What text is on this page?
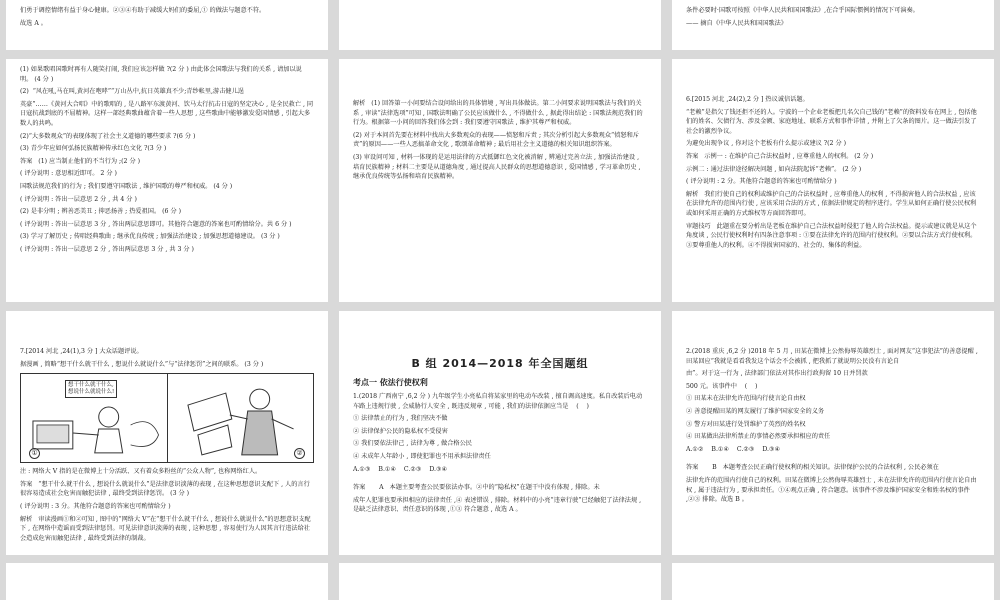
们勇于调控情绪有益于身心健康。②③④有助于减缓大妈们的委屈,① 的做法与题意不符。

故选 A 。

条件必要时·国歌可按照《中华人民共和国国歌法》,在合乎国际惯例的情况下可演奏。

—— 摘自《中华人民共和国国歌法》

(1) 如果歌唱国歌时再有人随笑打闹, 我们应该怎样做 ?(2 分 ) 由此体会国歌法与我们的关系 , 请加以说明。 (4 分 )

(2)  “风在吼,马在叫,黄河在咆哮”“万山丛中,抗日英雄真不少;青纱帐里,游击健儿逞

英豪”……《黄河大合唱》中的歌唱的 , 是八路军东渡黄河、饮马太行抗击日寇的坚定决心 , 是全民救亡 , 同日寇抗战到底的不屈精神。这样一部经典歌曲蕴含着一些人思想 , 这些歌曲中能够激发爱国情感 , 引起大多数人的共鸣。

(2)“大多数观众”的表现体现了社会主义道德的哪些要求 ?(6 分 )

(3) 青少年应如何弘扬民族精神传承红色文化 ?(3 分 )

答案   (1) 应当制止他们的不当行为 ;(2 分 )

( 评分说明 : 意思相近即可。 2 分 )

国歌法规范我们的行为 ; 我们要遵守国歌法 , 维护国歌的尊严和权威。 (4 分 )

( 评分说明 : 答出一层意思 2 分 , 共 4 分 )

(2) 是非分明 ; 辨善恶美丑 ; 抑恶扬善 ; 热爱祖国。 (6 分 )

( 评分说明 : 答出一层意思 3 分 , 答出两层意思即可。其他符合题意的答案也可酌情给分。共 6 分 )

(3) 学习了解历史 ; 传唱经典歌曲 ; 继承优良传统 ; 加强法治建设 ; 加强思想道德建设。 (3 分 )

( 评分说明 : 答出一层意思 2 分 , 答出两层意思 3 分 , 共 3 分 )

解析   (1) 回答第一小问要结合设问给出的具体情境 , 写出具体做法。第二小问要求说明国歌法与我们的关系 , 审读“法律选项”可知 , 国歌法明确了公民应该做什么 , 不得做什么 , 据此得出结论 : 国歌法规范我们的行为。根据第一小问的回答我们体会到 : 我们要遵守国歌法 , 维护其尊严和权威。

(2) 对于本问首先要在材料中找出大多数观众的表现——愤怒和斥责 ; 其次分析引起大多数观众“愤怒和斥责”的原因——一些人恶搞革命文化 , 歌颂革命精神 ; 最后用社会主义道德的相关知识组织答案。

(3) 审设问可知 , 材料一体现的是运用法律的方式抵御红色文化被消解 , 辨通过完善立法 , 加强法治建设 , 培育民族精神 ; 材料二主要是从道德角度 , 通过提高人民群众的思想道德意识 , 爱国情感 , 学习革命历史 , 继承优良传统等弘扬和培育民族精神。

6.[2015 河北 ,24(2),2 分 ] 热议诚信话题。

“老赖”是指欠了钱还拒不还的人。宁波的一个企业老板把几名欠自己钱的“老赖”的资料发布在网上 , 包括他们的姓名、欠债行为、涉及金额、家庭地址、联系方式和事件详情 , 并附上了欠条的图片。这一做法引发了社会的激烈争议。

为避免出现争议 , 你对这个老板有什么提示或建议 ?(2 分 )

答案   示例一 : 在维护自己合法权益时 , 应尊重他人的权利。 (2 分 )

示例二 : 通过法律途径解决问题 , 如向法院起诉“老赖”。 (2 分 )

( 评分说明 : 2 分。其他符合题意的答案也可酌情给分 )

解析   我们行使自己的权利或维护自己的合法权益时 , 应尊重他人的权利 , 不得损害他人的合法权益 , 应该在法律允许的范围内行使 , 应该采用合法的方式 , 依据法律规定的程序进行。学生从如何正确行使公民权利或如何采用正确的方式维权等方面回答即可。

审题技巧   此题重在要分析出是老板在维护自己合法权益时侵犯了他人的合法权益。提示或建议就是从这个角度谈 , 公民行使权利时有四条注意事项 : ①要在法律允许的范围内行使权利。②要以合法方式行使权利。③要尊重他人的权利。④不得损害国家的、社会的、集体的利益。

7.[2014 河北 ,24(1),3 分 ] 大众话题评说。

据漫画 , 简略“想干什么就干什么 , 想说什么就说什么”与“法律惩罚”之间的联系。 (3 分 )

想干什么就干什么,
想说什么就说什么!
①	②

注 : 网络大 V 指的是在微博上十分活跃、又有着众多粉丝的“公众人物”, 也称网络红人。

答案   “想干什么就干什么 , 想说什么就说什么”是法律意识淡薄的表现 , 在这种思想意识支配下 , 人的言行很容易造成社会危害而触犯法律 , 最终受到法律惩罚。 (3 分 )

( 评分说明 : 3 分。其他符合题意的答案也可酌情给分 )

解析   审读漫画①和②可知 , 图中的“网络大 V”在“想干什么就干什么 , 想说什么就说什么”的思想意识支配下 , 在网络中造谣而受到法律惩罚。可见法律意识淡薄的表现 , 这种思想 , 容易使行为人因其言行违法给社会造成危害而触犯法律 , 最终受到法律的制裁。

B 组 2014—2018 年全国题组
考点一 依法行使权利

1.(2018 广西南宁 ,6,2 分 ) 九年级学生小亮私自将某家里的电动车改装 , 擅自调高速度。私自改装后电动车路上违规行驶 , 会威胁行人安全 , 既违反规章 , 可能 , 我们的法律依据应当是    (    )

① 法律禁止的行为 , 我们坚决不做

② 法律保护公民的隐私权不受侵害

③ 我们要依法律己 , 法律为尊 , 做合格公民

④ 未成年人年龄小 , 即使犯罪也不用承担法律责任

A.①③    B.①④    C.②③    D.③④

答案       A   本题主要考查公民要依法办事。②中的“隐私权”在题干中没有体现 , 排除。未

成年人犯罪也要承担相应的法律责任 ,④ 表述错误 , 排除。材料中的小亮“违章行驶”已经触犯了法律法规 , 是缺乏法律意识、责任意识的体现 ,①③ 符合题意 , 故选 A 。

2.(2018 重庆 ,6,2 分 )2018 年 5 月 , 田某在微博上公然侮辱英雄烈士 , 面对网友“这事犯法”的善意提醒 , 田某回应“我就是看看我发这个话会不会被抓 , 把我抓了就说明公民没有言论自

由”。对于这一行为 , 法律部门依法对其作出行政拘留 10 日并罚款

500 元。该事件中    (    )

① 田某未在法律允许范围内行使言论自由权

② 善意提醒田某的网友履行了维护国家安全的义务

③ 警方对田某进行处罚维护了英烈的姓名权

④ 田某做出法律所禁止的事情必然要承担相应的责任

A.①②    B.①④    C.②③    D.③④

答案       B   本题考查公民正确行使权利的相关知识。法律保护公民的合法权利 , 公民必须在

法律允许的范围内行使自己的权利。田某在微博上公然侮辱英雄烈士 , 未在法律允许的范围内行使言论自由权 , 属于违法行为 , 要承担责任。①④观点正确 , 符合题意。该事件不涉及维护国家安全和姓名权的事件 ,②③ 排除。故选 B 。
